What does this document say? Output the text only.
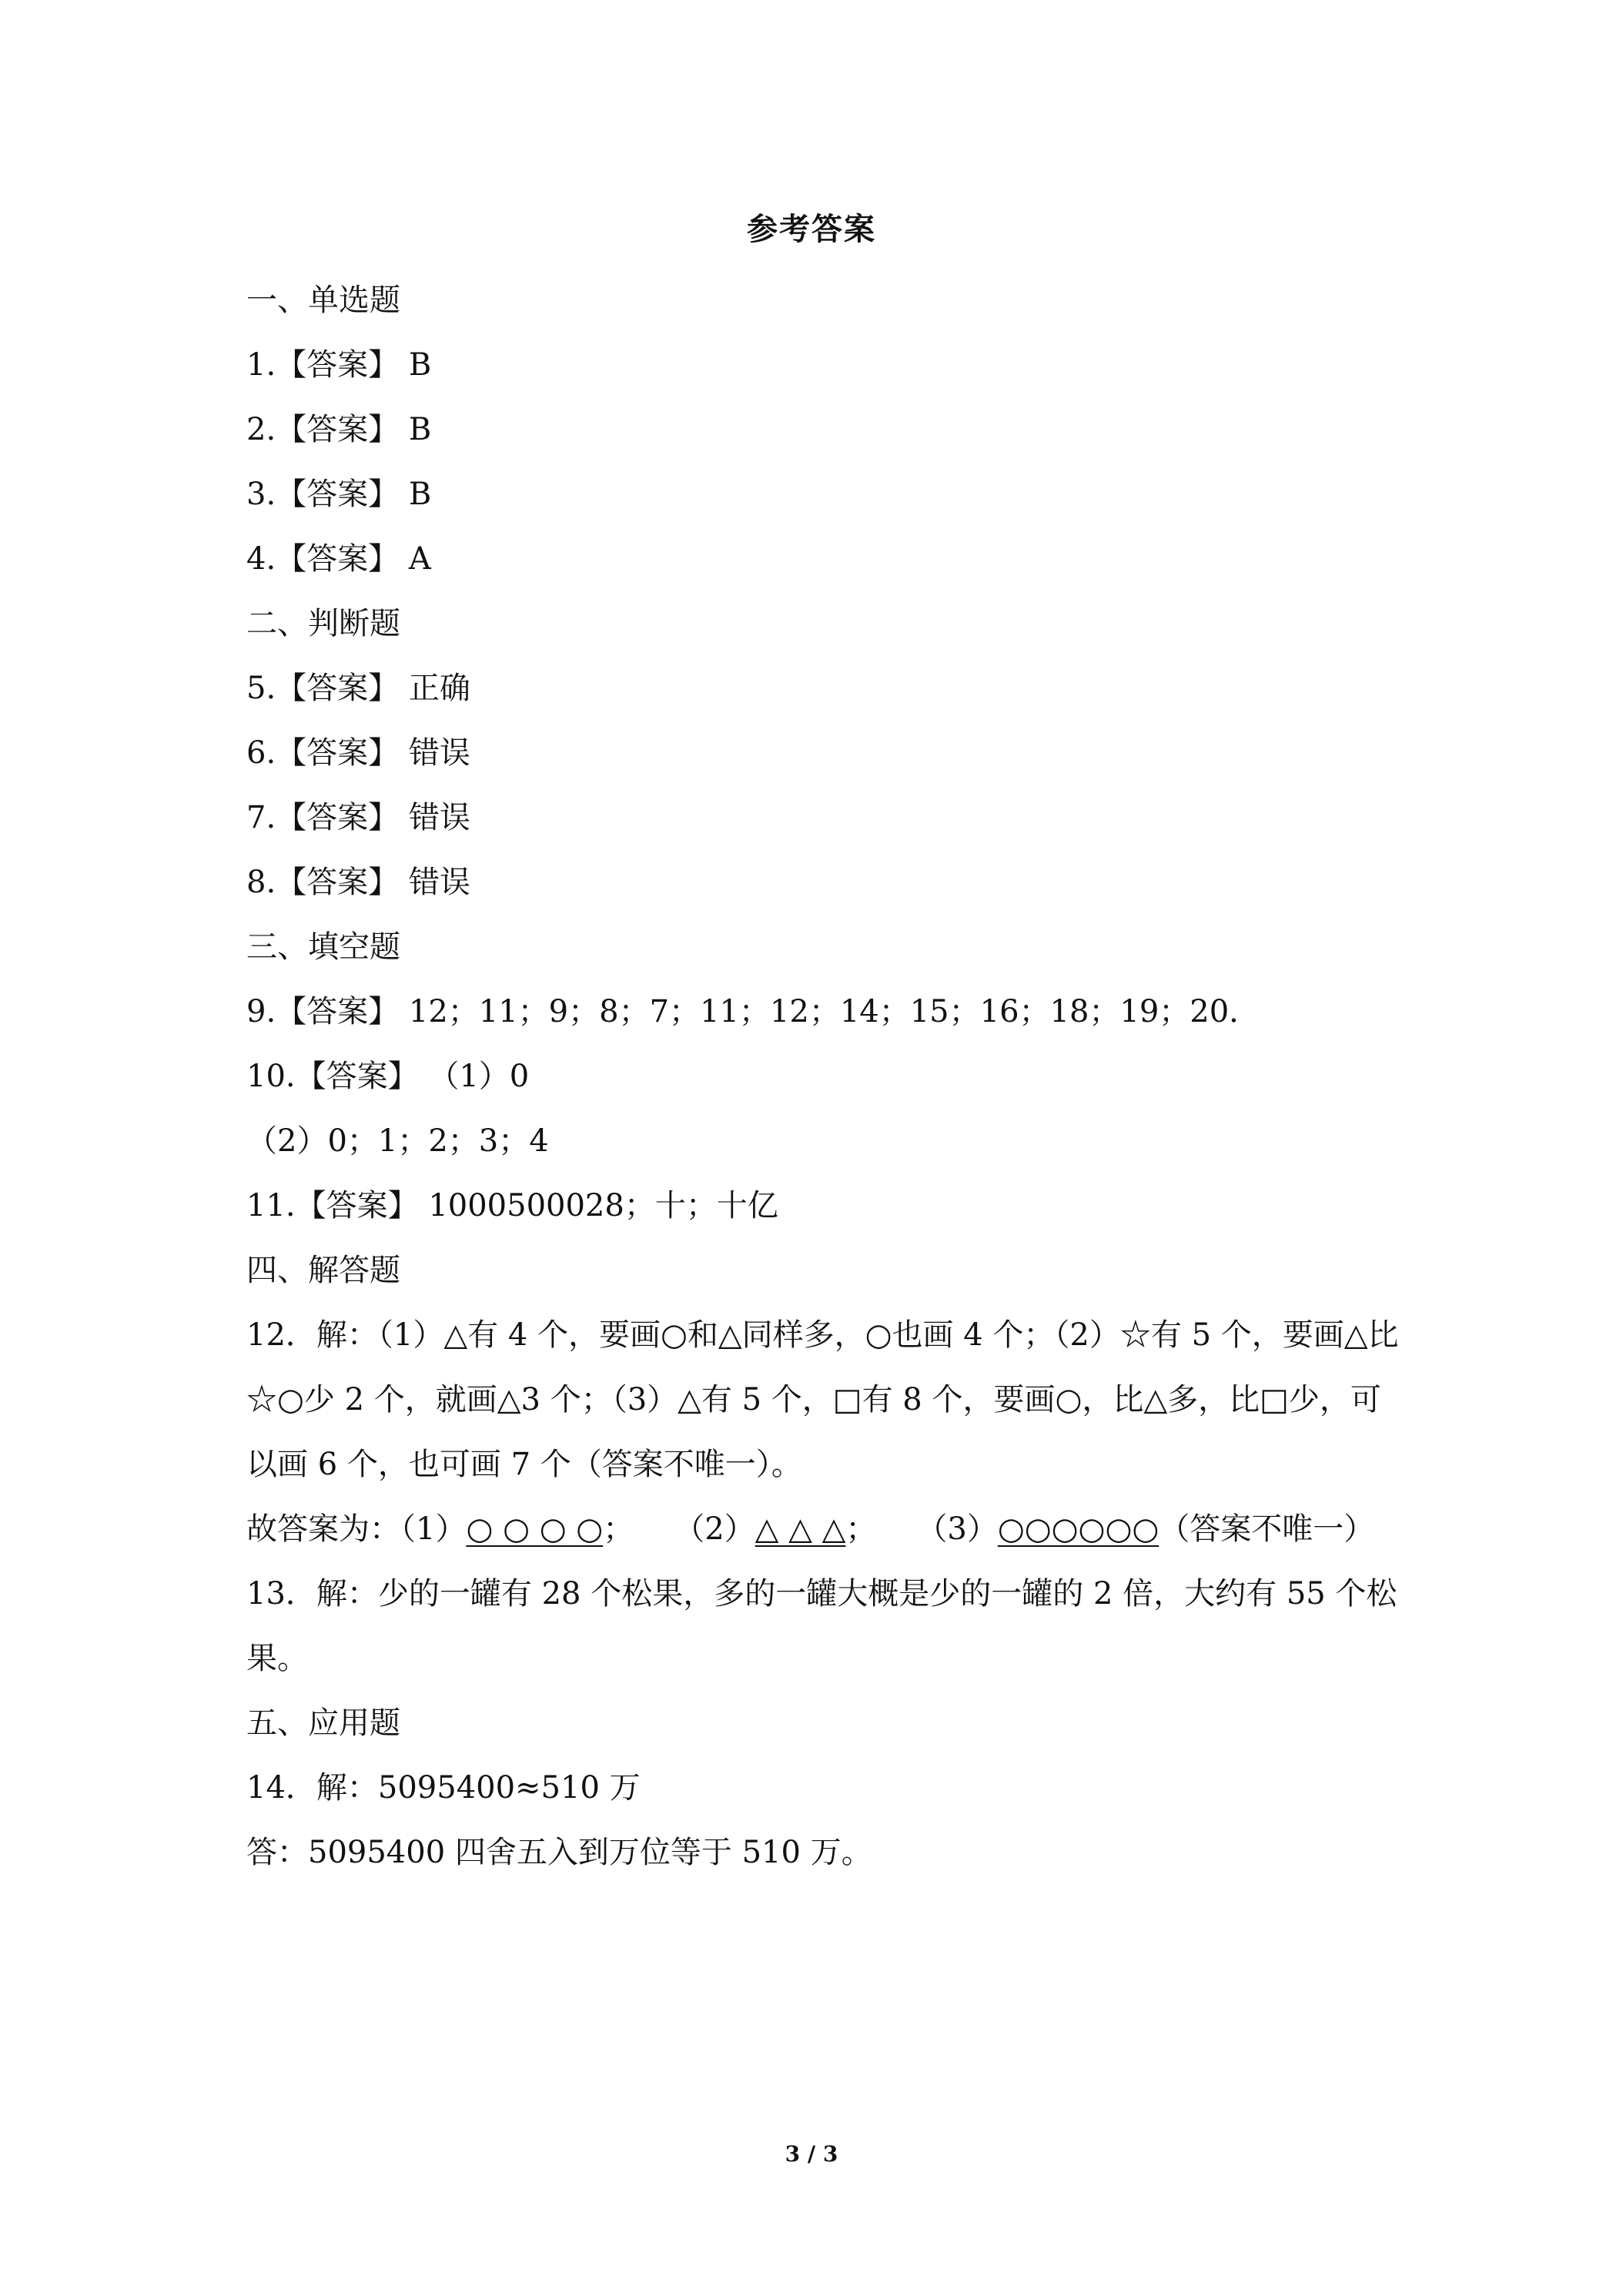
参考答案
一、单选题
1.【答案】 B
2.【答案】 B
3.【答案】 B
4.【答案】 A
二、判断题
5.【答案】 正确
6.【答案】 错误
7.【答案】 错误
8.【答案】 错误
三、填空题
9.【答案】 12；11；9；8；7；11；12；14；15；16；18；19；20．
10.【答案】 （1）0
（2）0；1；2；3；4
11.【答案】 1000500028；十；十亿
四、解答题
12．解：（1）△有 4 个，要画○和△同样多，○也画 4 个；（2）☆有 5 个，要画△比☆○少 2 个，就画△3 个；（3）△有 5 个，□有 8 个，要画○，比△多，比□少，可以画 6 个，也可画 7 个（答案不唯一）。
故答案为：（1）○ ○ ○ ○； （2）△ △ △； （3）○○○○○○（答案不唯一）
13．解：少的一罐有 28 个松果，多的一罐大概是少的一罐的 2 倍，大约有 55 个松果。
五、应用题
14．解：5095400≈510 万
答：5095400 四舍五入到万位等于 510 万。
3 / 3
